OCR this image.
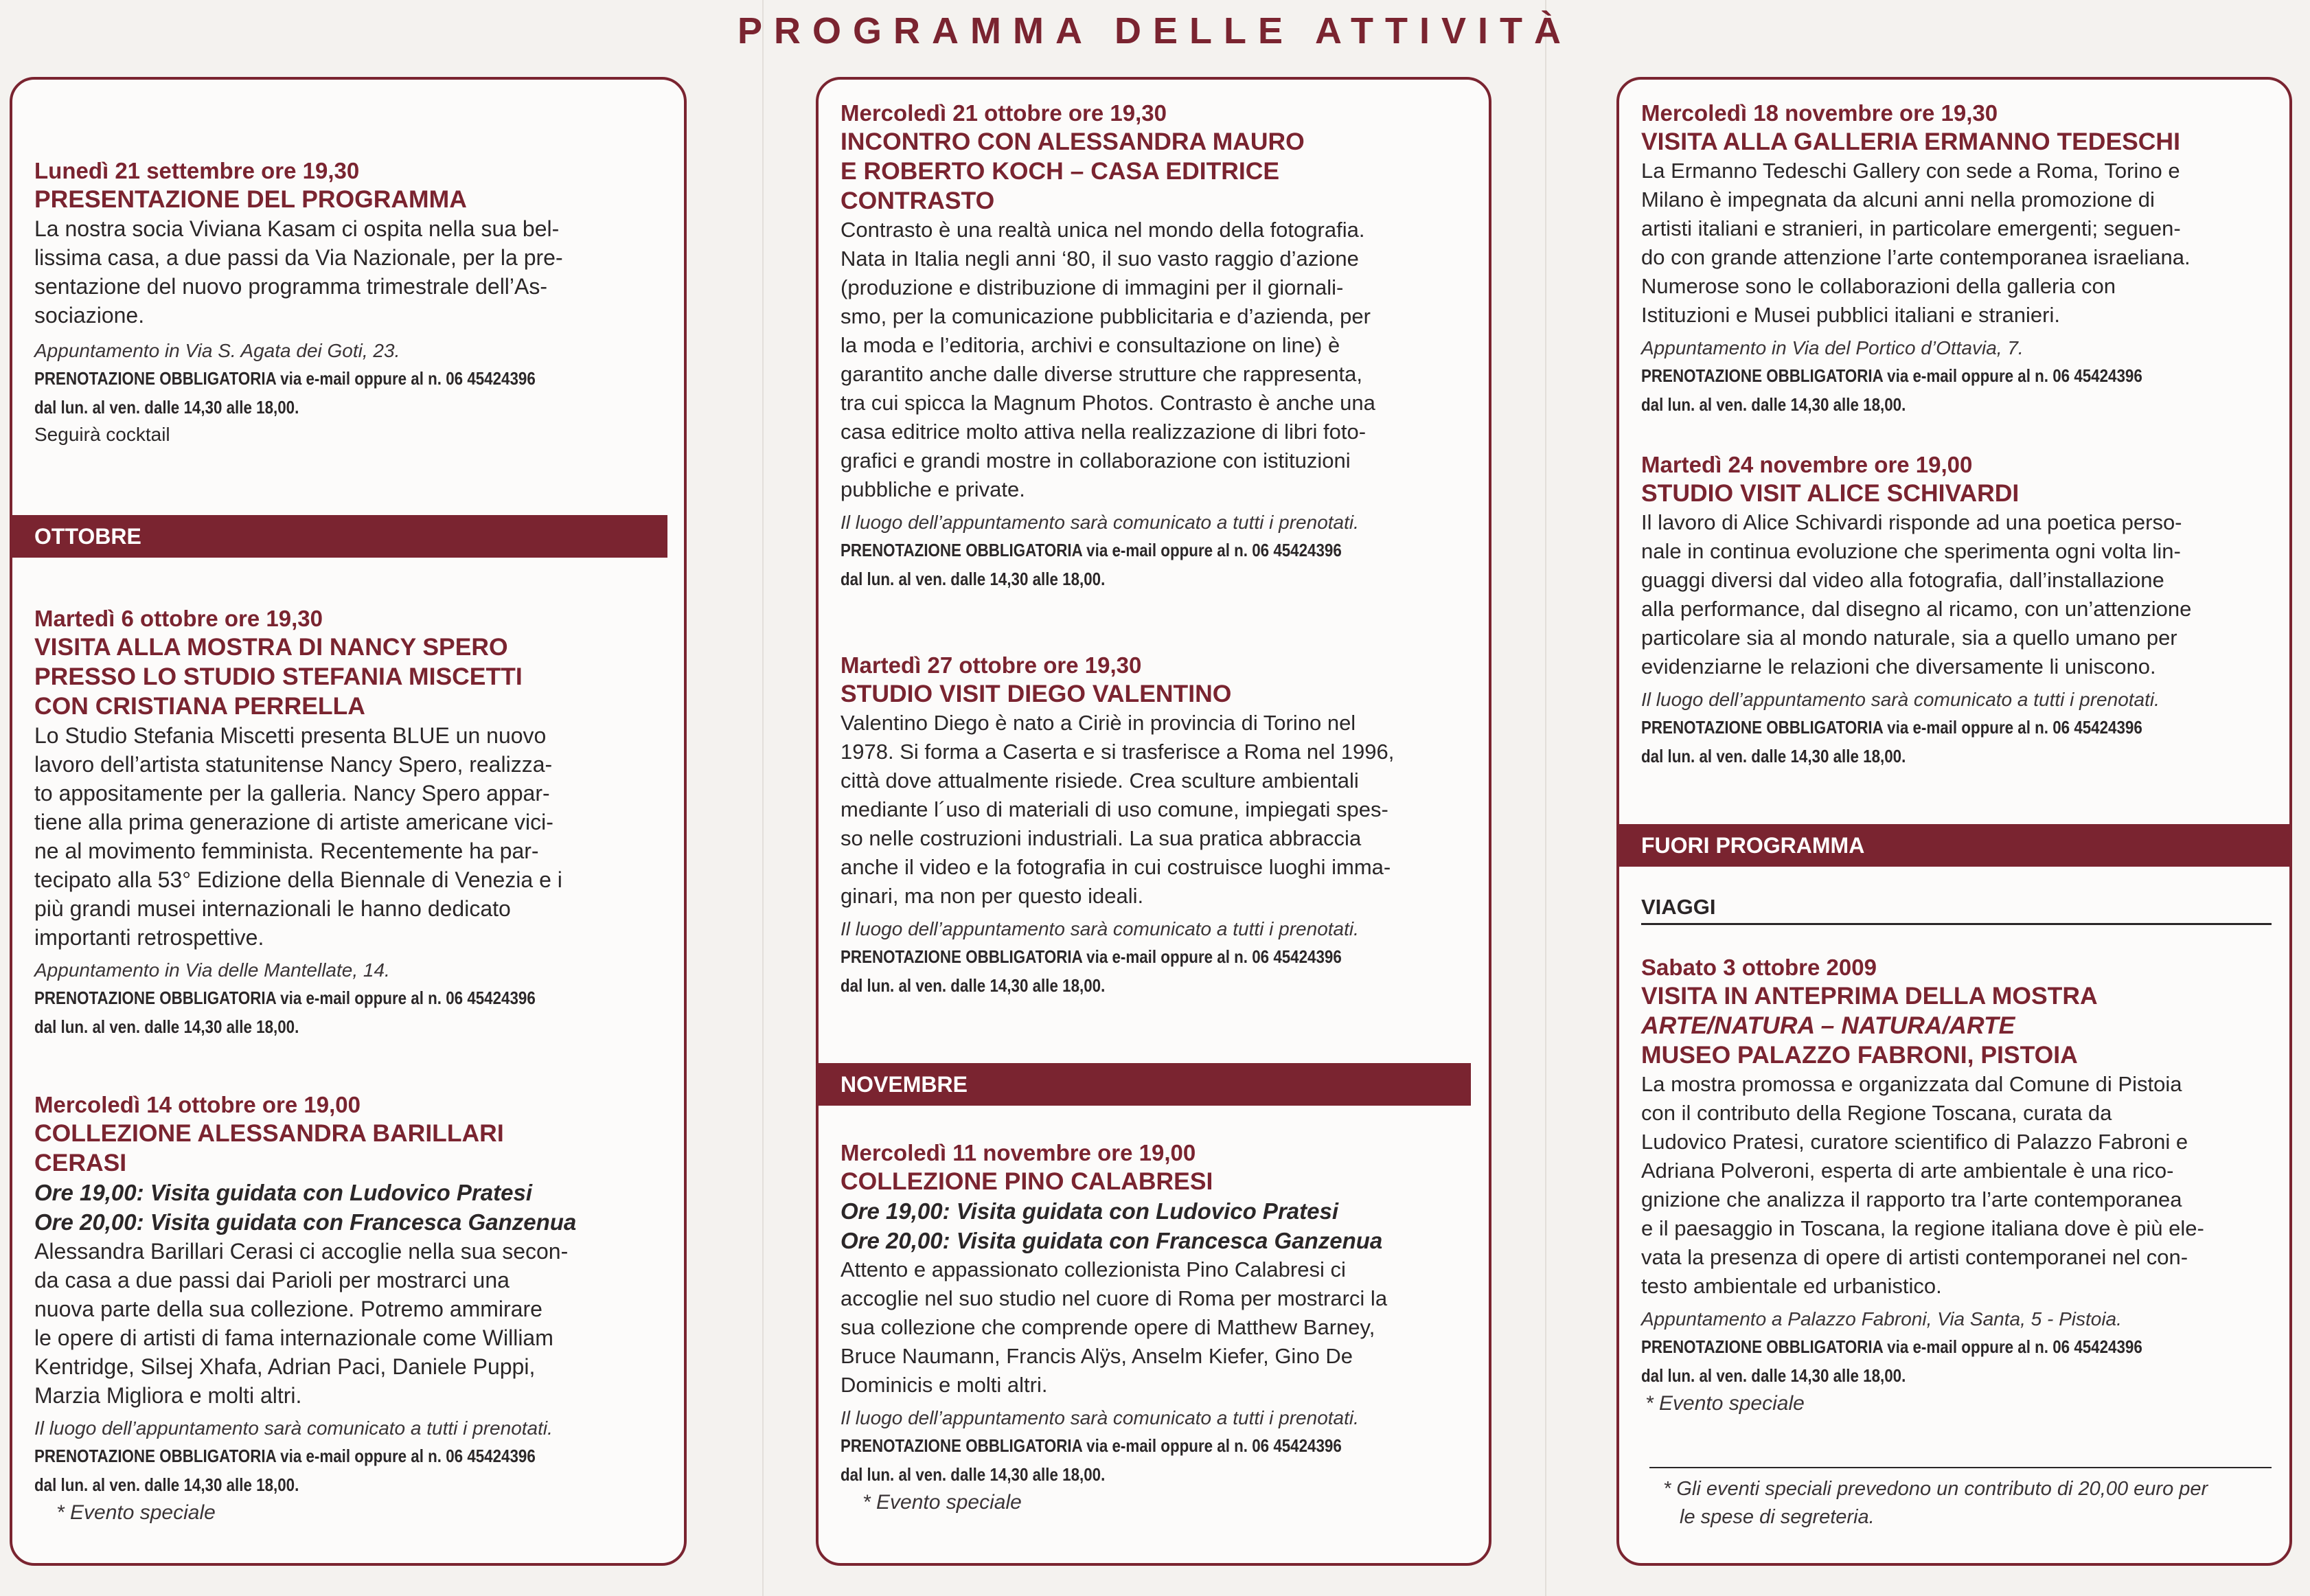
PROGRAMMA DELLE ATTIVITÀ
Lunedì 21 settembre ore 19,30
PRESENTAZIONE DEL PROGRAMMA
La nostra socia Viviana Kasam ci ospita nella sua bel-
lissima casa, a due passi da Via Nazionale, per la pre-
sentazione del nuovo programma trimestrale dell’As-
sociazione.
Appuntamento in Via S. Agata dei Goti, 23.
PRENOTAZIONE OBBLIGATORIA via e-mail oppure al n. 06 45424396
dal lun. al ven. dalle 14,30 alle 18,00.
Seguirà cocktail
OTTOBRE
Martedì 6 ottobre ore 19,30
VISITA ALLA MOSTRA DI NANCY SPERO
PRESSO LO STUDIO STEFANIA MISCETTI
CON CRISTIANA PERRELLA
Lo Studio Stefania Miscetti presenta BLUE un nuovo
lavoro dell’artista statunitense Nancy Spero, realizza-
to appositamente per la galleria. Nancy Spero appar-
tiene alla prima generazione di artiste americane vici-
ne al movimento femminista. Recentemente ha par-
tecipato alla 53° Edizione della Biennale di Venezia e i
più grandi musei internazionali le hanno dedicato
importanti retrospettive.
Appuntamento in Via delle Mantellate, 14.
PRENOTAZIONE OBBLIGATORIA via e-mail oppure al n. 06 45424396
dal lun. al ven. dalle 14,30 alle 18,00.
Mercoledì 14 ottobre ore 19,00
COLLEZIONE ALESSANDRA BARILLARI
CERASI
Ore 19,00: Visita guidata con Ludovico Pratesi
Ore 20,00: Visita guidata con Francesca Ganzenua
Alessandra Barillari Cerasi ci accoglie nella sua secon-
da casa a due passi dai Parioli per mostrarci una
nuova parte della sua collezione. Potremo ammirare
le opere di artisti di fama internazionale come William
Kentridge, Silsej Xhafa, Adrian Paci, Daniele Puppi,
Marzia Migliora e molti altri.
Il luogo dell’appuntamento sarà comunicato a tutti i prenotati.
PRENOTAZIONE OBBLIGATORIA via e-mail oppure al n. 06 45424396
dal lun. al ven. dalle 14,30 alle 18,00.
* Evento speciale
Mercoledì 21 ottobre ore 19,30
INCONTRO CON ALESSANDRA MAURO
E ROBERTO KOCH – CASA EDITRICE
CONTRASTO
Contrasto è una realtà unica nel mondo della fotografia.
Nata in Italia negli anni ‘80, il suo vasto raggio d’azione
(produzione e distribuzione di immagini per il giornali-
smo, per la comunicazione pubblicitaria e d’azienda, per
la moda e l’editoria, archivi e consultazione on line) è
garantito anche dalle diverse strutture che rappresenta,
tra cui spicca la Magnum Photos. Contrasto è anche una
casa editrice molto attiva nella realizzazione di libri foto-
grafici e grandi mostre in collaborazione con istituzioni
pubbliche e private.
Il luogo dell’appuntamento sarà comunicato a tutti i prenotati.
PRENOTAZIONE OBBLIGATORIA via e-mail oppure al n. 06 45424396
dal lun. al ven. dalle 14,30 alle 18,00.
Martedì 27 ottobre ore 19,30
STUDIO VISIT DIEGO VALENTINO
Valentino Diego è nato a Ciriè in provincia di Torino nel
1978. Si forma a Caserta e si trasferisce a Roma nel 1996,
città dove attualmente risiede. Crea sculture ambientali
mediante l´uso di materiali di uso comune, impiegati spes-
so nelle costruzioni industriali. La sua pratica abbraccia
anche il video e la fotografia in cui costruisce luoghi imma-
ginari, ma non per questo ideali.
Il luogo dell’appuntamento sarà comunicato a tutti i prenotati.
PRENOTAZIONE OBBLIGATORIA via e-mail oppure al n. 06 45424396
dal lun. al ven. dalle 14,30 alle 18,00.
NOVEMBRE
Mercoledì 11 novembre ore 19,00
COLLEZIONE PINO CALABRESI
Ore 19,00: Visita guidata con Ludovico Pratesi
Ore 20,00: Visita guidata con Francesca Ganzenua
Attento e appassionato collezionista Pino Calabresi ci
accoglie nel suo studio nel cuore di Roma per mostrarci la
sua collezione che comprende opere di Matthew Barney,
Bruce Naumann, Francis Alÿs, Anselm Kiefer, Gino De
Dominicis e molti altri.
Il luogo dell’appuntamento sarà comunicato a tutti i prenotati.
PRENOTAZIONE OBBLIGATORIA via e-mail oppure al n. 06 45424396
dal lun. al ven. dalle 14,30 alle 18,00.
* Evento speciale
Mercoledì 18 novembre ore 19,30
VISITA ALLA GALLERIA ERMANNO TEDESCHI
La Ermanno Tedeschi Gallery con sede a Roma, Torino e
Milano è impegnata da alcuni anni nella promozione di
artisti italiani e stranieri, in particolare emergenti; seguen-
do con grande attenzione l’arte contemporanea israeliana.
Numerose sono le collaborazioni della galleria con
Istituzioni e Musei pubblici italiani e stranieri.
Appuntamento in Via del Portico d’Ottavia, 7.
PRENOTAZIONE OBBLIGATORIA via e-mail oppure al n. 06 45424396
dal lun. al ven. dalle 14,30 alle 18,00.
Martedì 24 novembre ore 19,00
STUDIO VISIT ALICE SCHIVARDI
Il lavoro di Alice Schivardi risponde ad una poetica perso-
nale in continua evoluzione che sperimenta ogni volta lin-
guaggi diversi dal video alla fotografia, dall’installazione
alla performance, dal disegno al ricamo, con un’attenzione
particolare sia al mondo naturale, sia a quello umano per
evidenziarne le relazioni che diversamente li uniscono.
Il luogo dell’appuntamento sarà comunicato a tutti i prenotati.
PRENOTAZIONE OBBLIGATORIA via e-mail oppure al n. 06 45424396
dal lun. al ven. dalle 14,30 alle 18,00.
FUORI PROGRAMMA
VIAGGI
Sabato 3 ottobre 2009
VISITA IN ANTEPRIMA DELLA MOSTRA
ARTE/NATURA – NATURA/ARTE
MUSEO PALAZZO FABRONI, PISTOIA
La mostra promossa e organizzata dal Comune di Pistoia
con il contributo della Regione Toscana, curata da
Ludovico Pratesi, curatore scientifico di Palazzo Fabroni e
Adriana Polveroni, esperta di arte ambientale è una rico-
gnizione che analizza il rapporto tra l’arte contemporanea
e il paesaggio in Toscana, la regione italiana dove è più ele-
vata la presenza di opere di artisti contemporanei nel con-
testo ambientale ed urbanistico.
Appuntamento a Palazzo Fabroni, Via Santa, 5 - Pistoia.
PRENOTAZIONE OBBLIGATORIA via e-mail oppure al n. 06 45424396
dal lun. al ven. dalle 14,30 alle 18,00.
* Evento speciale
* Gli eventi speciali prevedono un contributo di 20,00 euro per
le spese di segreteria.
